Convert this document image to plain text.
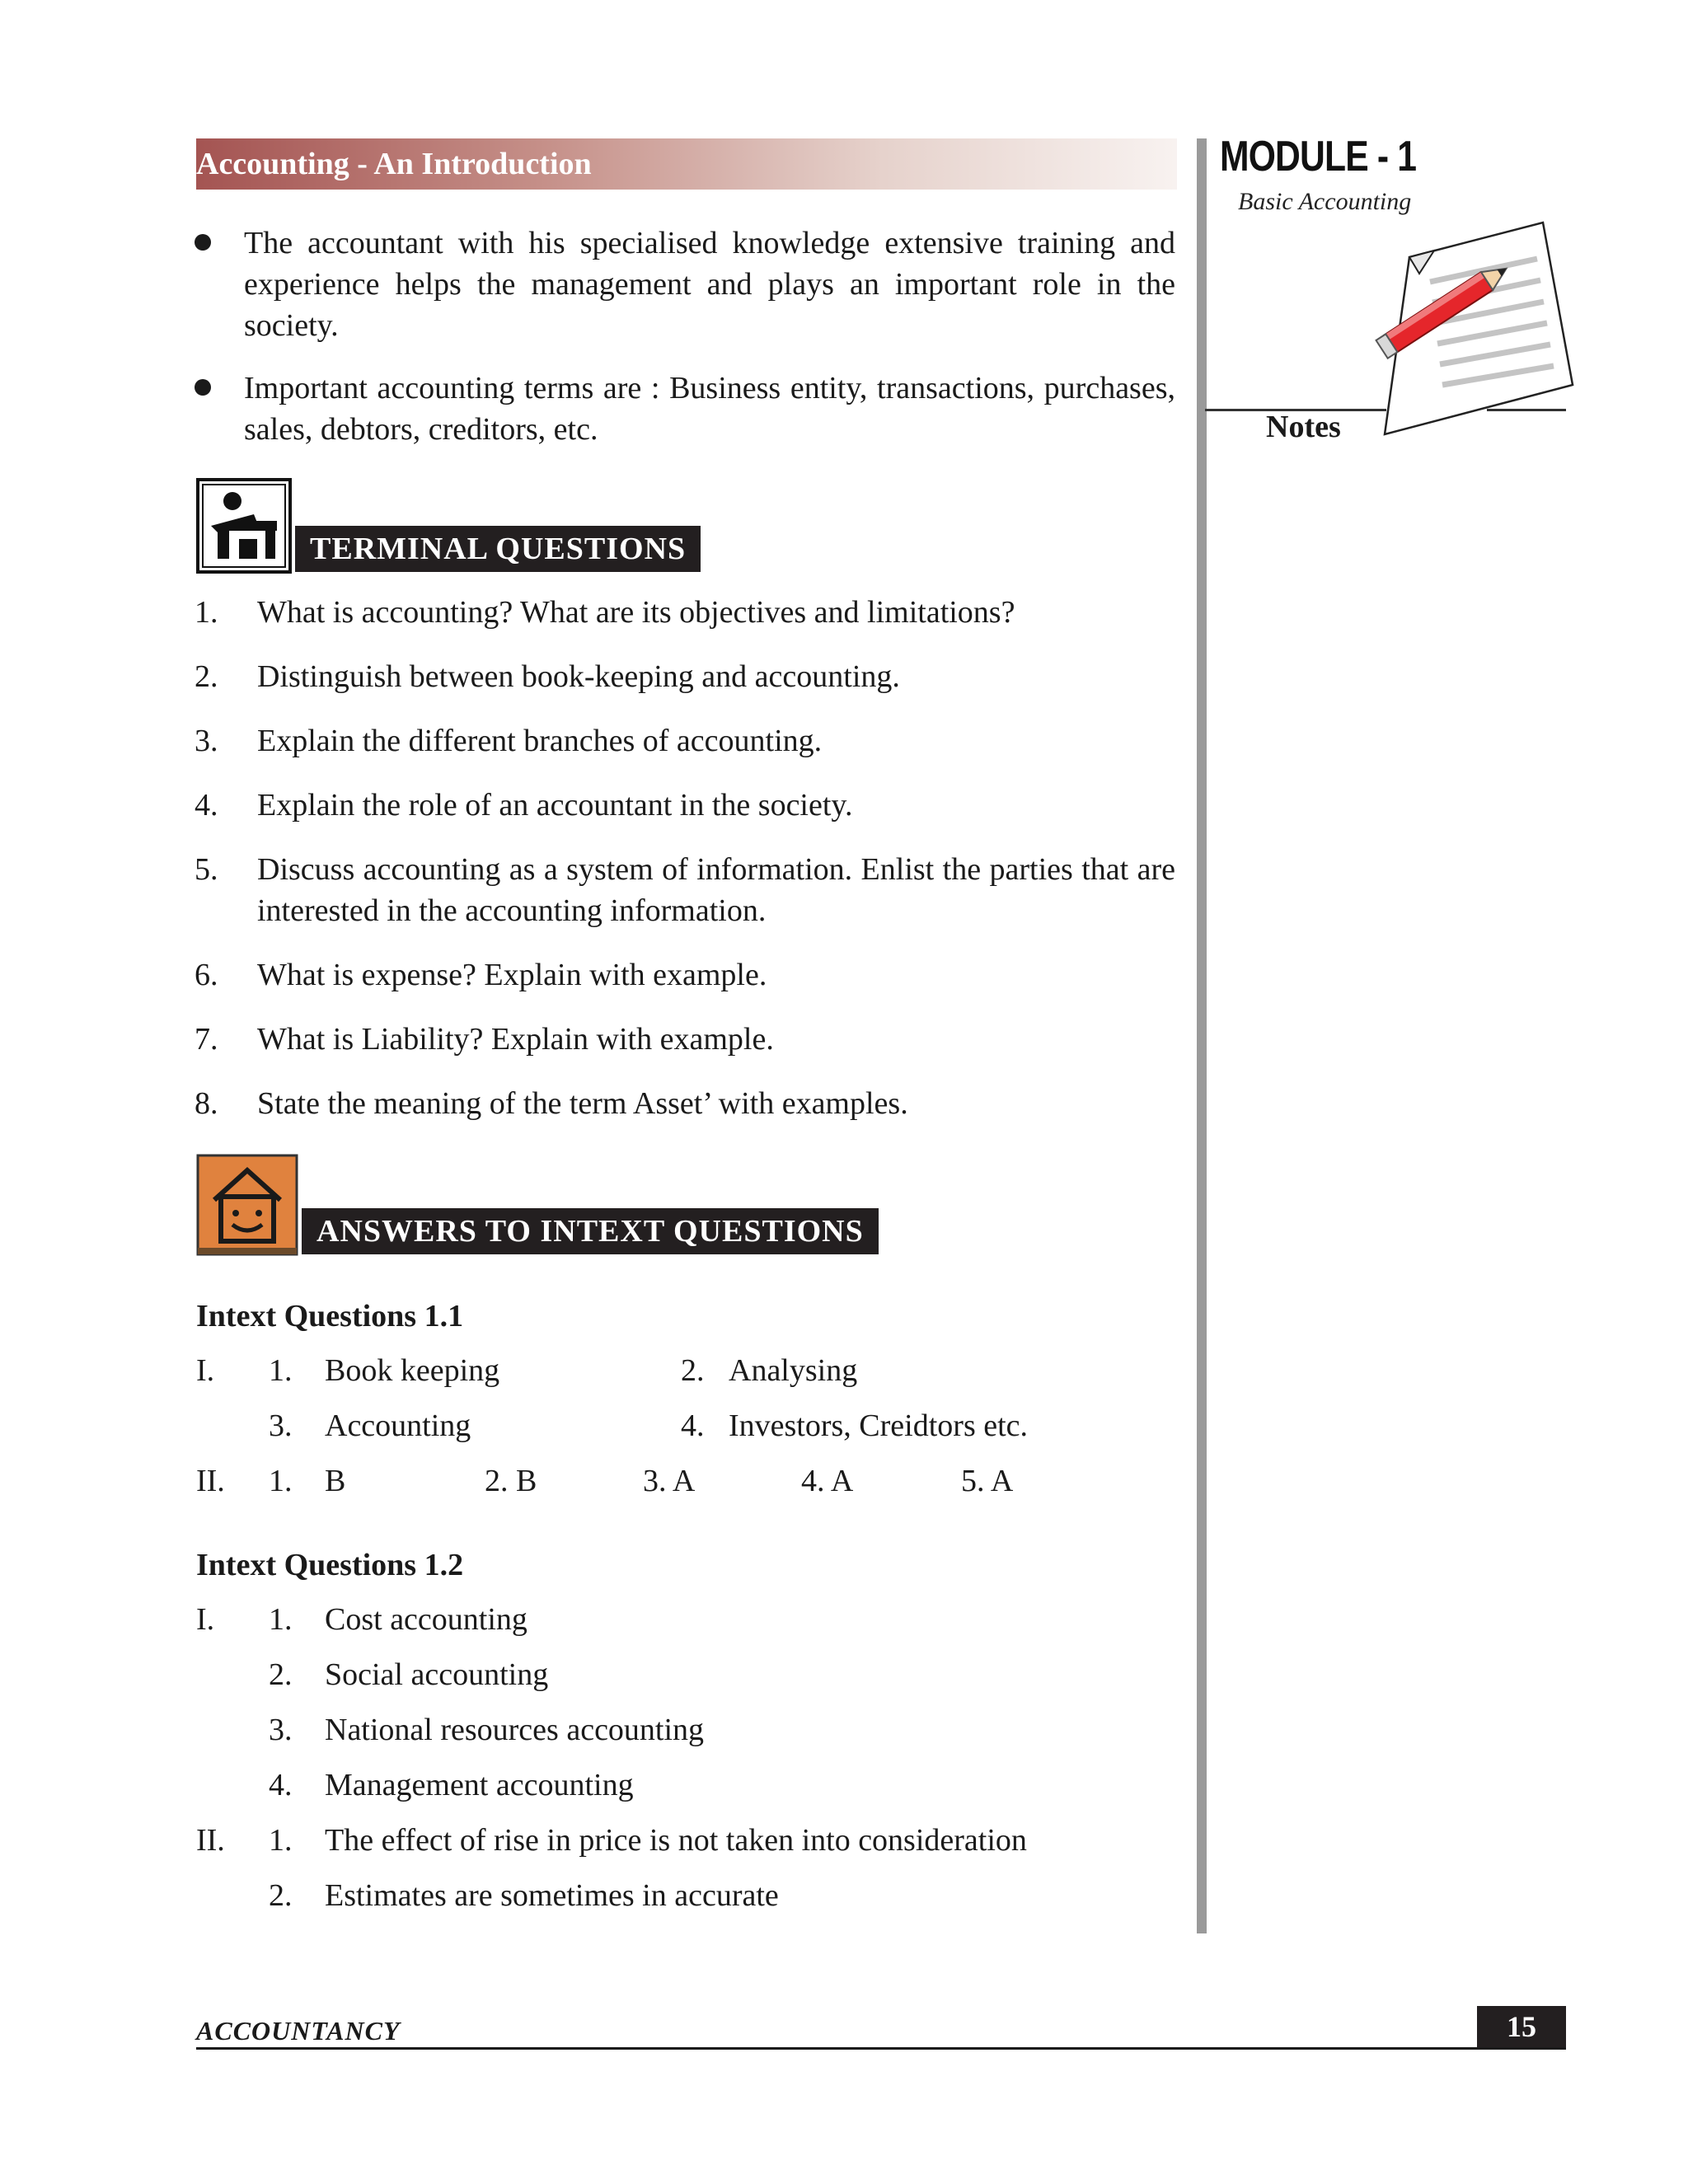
Accounting - An Introduction	MODULE - 1
Basic Accounting
Notes
The accountant with his specialised knowledge extensive training and experience helps the management and plays an important role in the society.
Important accounting terms are : Business entity, transactions, purchases, sales, debtors, creditors, etc.
TERMINAL QUESTIONS
1. What is accounting? What are its objectives and limitations?
2. Distinguish between book-keeping and accounting.
3. Explain the different branches of accounting.
4. Explain the role of an accountant in the society.
5. Discuss accounting as a system of information. Enlist the parties that are interested in the accounting information.
6. What is expense? Explain with example.
7. What is Liability? Explain with example.
8. State the meaning of the term Asset’ with examples.
ANSWERS TO INTEXT QUESTIONS
Intext Questions 1.1
I. 1. Book keeping	2. Analysing
3. Accounting	4. Investors, Creidtors etc.
II. 1. B	2. B	3. A	4. A	5. A
Intext Questions 1.2
I. 1. Cost accounting
2. Social accounting
3. National resources accounting
4. Management accounting
II. 1. The effect of rise in price is not taken into consideration
2. Estimates are sometimes in accurate
ACCOUNTANCY	15
